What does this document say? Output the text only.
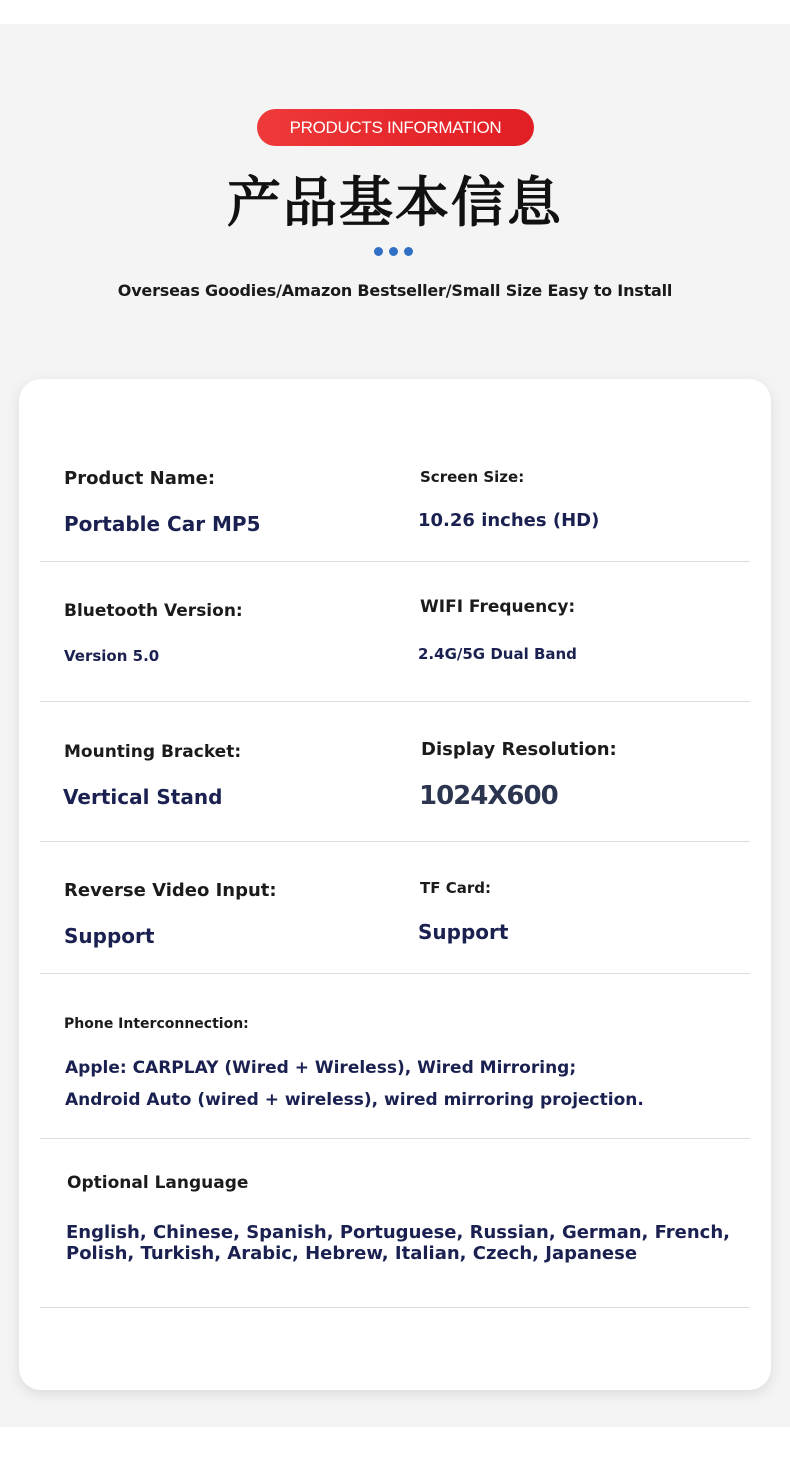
PRODUCTS INFORMATION
产品基本信息
Overseas Goodies/Amazon Bestseller/Small Size Easy to Install
Product Name:
Portable Car MP5
Screen Size:
10.26 inches (HD)
Bluetooth Version:
Version 5.0
WIFI Frequency:
2.4G/5G Dual Band
Mounting Bracket:
Vertical Stand
Display Resolution:
1024X600
Reverse Video Input:
Support
TF Card:
Support
Phone Interconnection:
Apple: CARPLAY (Wired + Wireless), Wired Mirroring;
Android Auto (wired + wireless), wired mirroring projection.
Optional Language
English, Chinese, Spanish, Portuguese, Russian, German, French,
Polish, Turkish, Arabic, Hebrew, Italian, Czech, Japanese
